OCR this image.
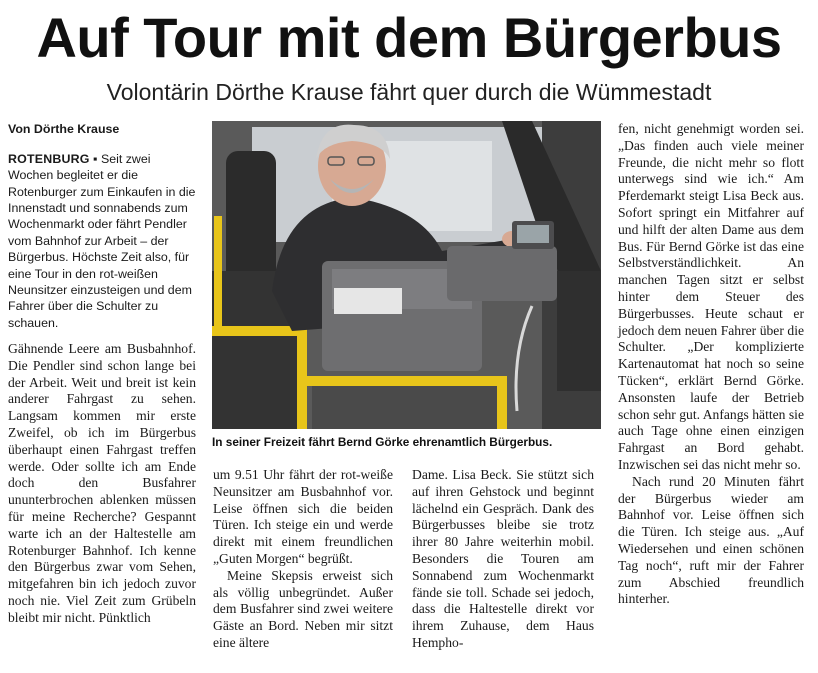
Auf Tour mit dem Bürgerbus

Volontärin Dörthe Krause fährt quer durch die Wümmestadt

Von Dörthe Krause

ROTENBURG ▪ Seit zwei Wochen begleitet er die Rotenburger zum Einkaufen in die Innenstadt und sonnabends zum Wochenmarkt oder fährt Pendler vom Bahnhof zur Arbeit – der Bürgerbus. Höchste Zeit also, für eine Tour in den rot-weißen Neunsitzer einzusteigen und dem Fahrer über die Schulter zu schauen.

Gähnende Leere am Busbahnhof. Die Pendler sind schon lange bei der Arbeit. Weit und breit ist kein anderer Fahrgast zu sehen. Langsam kommen mir erste Zweifel, ob ich im Bürgerbus überhaupt einen Fahrgast treffen werde. Oder sollte ich am Ende doch den Busfahrer ununterbrochen ablenken müssen für meine Recherche? Gespannt warte ich an der Haltestelle am Rotenburger Bahnhof. Ich kenne den Bürgerbus zwar vom Sehen, mitgefahren bin ich jedoch zuvor noch nie. Viel Zeit zum Grübeln bleibt mir nicht. Pünktlich

In seiner Freizeit fährt Bernd Görke ehrenamtlich Bürgerbus.

um 9.51 Uhr fährt der rot-weiße Neunsitzer am Busbahnhof vor. Leise öffnen sich die beiden Türen. Ich steige ein und werde direkt mit einem freundlichen „Guten Morgen“ begrüßt.

Meine Skepsis erweist sich als völlig unbegründet. Außer dem Busfahrer sind zwei weitere Gäste an Bord. Neben mir sitzt eine ältere

Dame. Lisa Beck. Sie stützt sich auf ihren Gehstock und beginnt lächelnd ein Gespräch. Dank des Bürgerbusses bleibe sie trotz ihrer 80 Jahre weiterhin mobil. Besonders die Touren am Sonnabend zum Wochenmarkt fände sie toll. Schade sei jedoch, dass die Haltestelle direkt vor ihrem Zuhause, dem Haus Hempho-

fen, nicht genehmigt worden sei. „Das finden auch viele meiner Freunde, die nicht mehr so flott unterwegs sind wie ich.“ Am Pferdemarkt steigt Lisa Beck aus. Sofort springt ein Mitfahrer auf und hilft der alten Dame aus dem Bus. Für Bernd Görke ist das eine Selbstverständlichkeit. An manchen Tagen sitzt er selbst hinter dem Steuer des Bürgerbusses. Heute schaut er jedoch dem neuen Fahrer über die Schulter. „Der komplizierte Kartenautomat hat noch so seine Tücken“, erklärt Bernd Görke. Ansonsten laufe der Betrieb schon sehr gut. Anfangs hätten sie auch Tage ohne einen einzigen Fahrgast an Bord gehabt. Inzwischen sei das nicht mehr so.

Nach rund 20 Minuten fährt der Bürgerbus wieder am Bahnhof vor. Leise öffnen sich die Türen. Ich steige aus. „Auf Wiedersehen und einen schönen Tag noch“, ruft mir der Fahrer zum Abschied freundlich hinterher.
